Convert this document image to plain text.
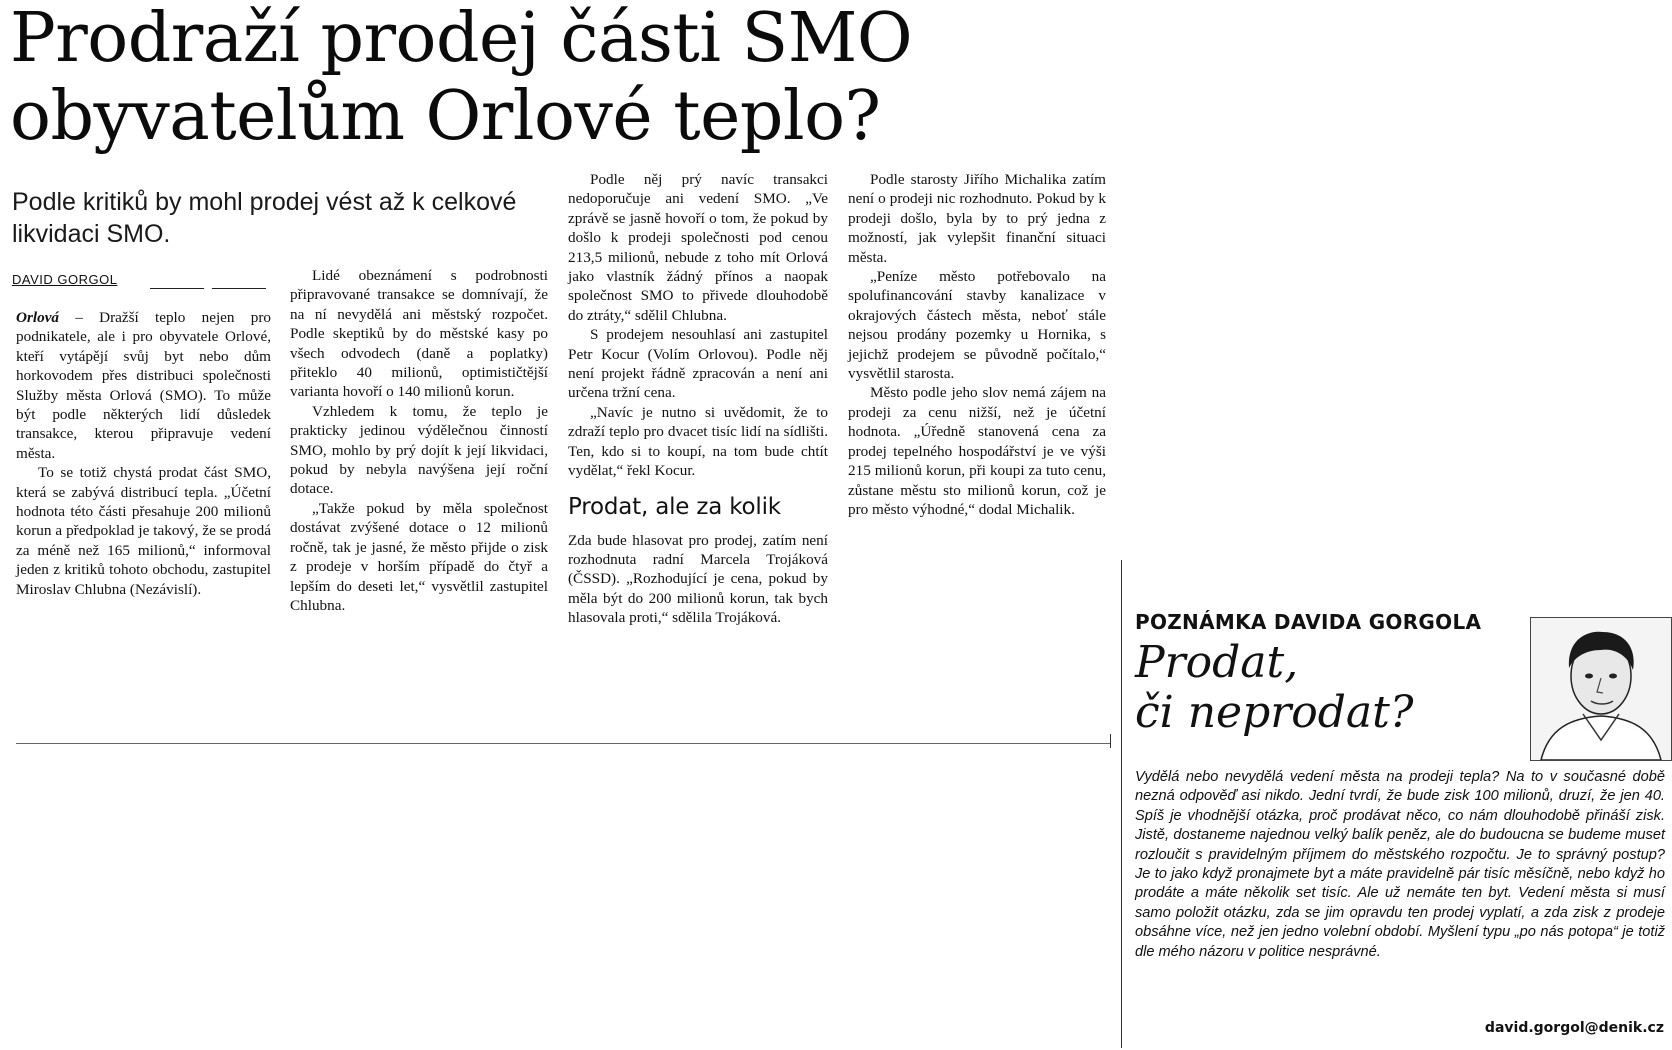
Prodraží prodej části SMO
obyvatelům Orlové teplo?
Podle kritiků by mohl prodej vést až k celkové likvidaci SMO.
DAVID GORGOL

Orlová – Dražší teplo nejen pro podnikatele, ale i pro obyvatele Orlové, kteří vytápějí svůj byt nebo dům horkovodem přes distribuci společnosti Služby města Orlová (SMO). To může být podle některých lidí důsledek transakce, kterou připravuje vedení města.

To se totiž chystá prodat část SMO, která se zabývá distribucí tepla. „Účetní hodnota této části přesahuje 200 milionů korun a předpoklad je takový, že se prodá za méně než 165 milionů,“ informoval jeden z kritiků tohoto obchodu, zastupitel Miroslav Chlubna (Nezávislí).

Lidé obeznámení s podrobnosti připravované transakce se domnívají, že na ní nevydělá ani městský rozpočet. Podle skeptiků by do městské kasy po všech odvodech (daně a poplatky) přiteklo 40 milionů, optimističtější varianta hovoří o 140 milionů korun.

Vzhledem k tomu, že teplo je prakticky jedinou výdělečnou činností SMO, mohlo by prý dojít k její likvidaci, pokud by nebyla navýšena její roční dotace.

„Takže pokud by měla společnost dostávat zvýšené dotace o 12 milionů ročně, tak je jasné, že město přijde o zisk z prodeje v horším případě do čtyř a lepším do deseti let,“ vysvětlil zastupitel Chlubna.

Podle něj prý navíc transakci nedoporučuje ani vedení SMO. „Ve zprávě se jasně hovoří o tom, že pokud by došlo k prodeji společnosti pod cenou 213,5 milionů, nebude z toho mít Orlová jako vlastník žádný přínos a naopak společnost SMO to přivede dlouhodobě do ztráty,“ sdělil Chlubna.

S prodejem nesouhlasí ani zastupitel Petr Kocur (Volím Orlovou). Podle něj není projekt řádně zpracován a není ani určena tržní cena.

„Navíc je nutno si uvědomit, že to zdraží teplo pro dvacet tisíc lidí na sídlišti. Ten, kdo si to koupí, na tom bude chtít vydělat,“ řekl Kocur.

Prodat, ale za kolik

Zda bude hlasovat pro prodej, zatím není rozhodnuta radní Marcela Trojáková (ČSSD). „Rozhodující je cena, pokud by měla být do 200 milionů korun, tak bych hlasovala proti,“ sdělila Trojáková.

Podle starosty Jiřího Michalika zatím není o prodeji nic rozhodnuto. Pokud by k prodeji došlo, byla by to prý jedna z možností, jak vylepšit finanční situaci města.

„Peníze město potřebovalo na spolufinancování stavby kanalizace v okrajových částech města, neboť stále nejsou prodány pozemky u Hornika, s jejichž prodejem se původně počítalo,“ vysvětlil starosta.

Město podle jeho slov nemá zájem na prodeji za cenu nižší, než je účetní hodnota. „Úředně stanovená cena za prodej tepelného hospodářství je ve výši 215 milionů korun, při koupi za tuto cenu, zůstane městu sto milionů korun, což je pro město výhodné,“ dodal Michalik.

POZNÁMKA DAVIDA GORGOLA
Prodat,
či neprodat?
Vydělá nebo nevydělá vedení města na prodeji tepla? Na to v současné době nezná odpověď asi nikdo. Jední tvrdí, že bude zisk 100 milionů, druzí, že jen 40. Spíš je vhodnější otázka, proč prodávat něco, co nám dlouhodobě přináší zisk. Jistě, dostaneme najednou velký balík peněz, ale do budoucna se budeme muset rozloučit s pravidelným příjmem do městského rozpočtu. Je to správný postup? Je to jako když pronajmete byt a máte pravidelně pár tisíc měsíčně, nebo když ho prodáte a máte několik set tisíc. Ale už nemáte ten byt. Vedení města si musí samo položit otázku, zda se jim opravdu ten prodej vyplatí, a zda zisk z prodeje obsáhne více, než jen jedno volební období. Myšlení typu „po nás potopa“ je totiž dle mého názoru v politice nesprávné.
david.gorgol@denik.cz
